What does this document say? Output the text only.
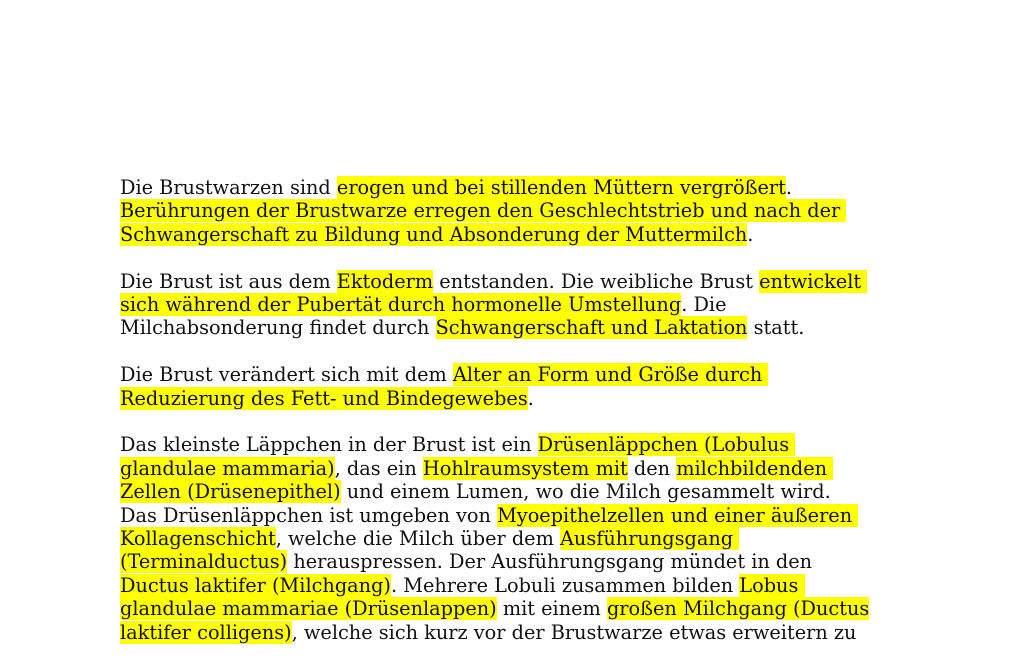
Die Brustwarzen sind erogen und bei stillenden Müttern vergrößert.
Berührungen der Brustwarze erregen den Geschlechtstrieb und nach der
Schwangerschaft zu Bildung und Absonderung der Muttermilch.
Die Brust ist aus dem Ektoderm entstanden. Die weibliche Brust entwickelt
sich während der Pubertät durch hormonelle Umstellung. Die
Milchabsonderung findet durch Schwangerschaft und Laktation statt.
Die Brust verändert sich mit dem Alter an Form und Größe durch
Reduzierung des Fett- und Bindegewebes.
Das kleinste Läppchen in der Brust ist ein Drüsenläppchen (Lobulus
glandulae mammaria), das ein Hohlraumsystem mit den milchbildenden
Zellen (Drüsenepithel) und einem Lumen, wo die Milch gesammelt wird.
Das Drüsenläppchen ist umgeben von Myoepithelzellen und einer äußeren
Kollagenschicht, welche die Milch über dem Ausführungsgang
(Terminalductus) herauspressen. Der Ausführungsgang mündet in den
Ductus laktifer (Milchgang). Mehrere Lobuli zusammen bilden Lobus
glandulae mammariae (Drüsenlappen) mit einem großen Milchgang (Ductus
laktifer colligens), welche sich kurz vor der Brustwarze etwas erweitern zu
